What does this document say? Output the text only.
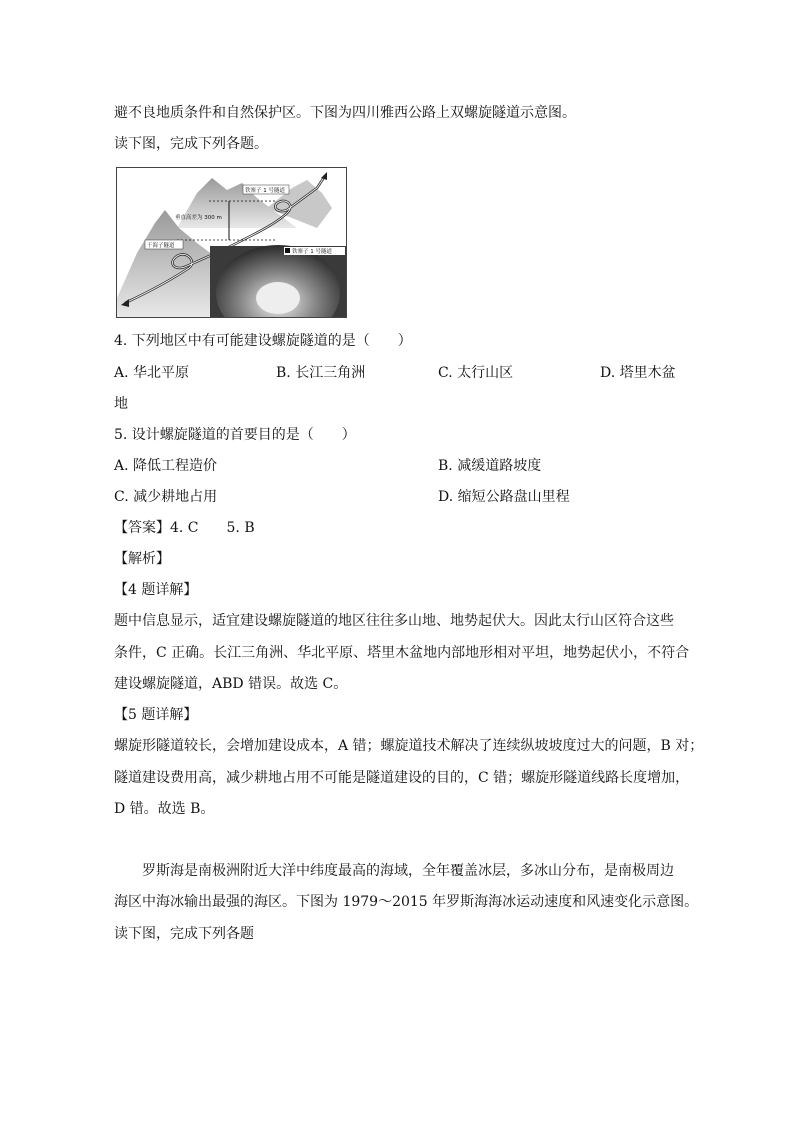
避不良地质条件和自然保护区。下图为四川雅西公路上双螺旋隧道示意图。
读下图，完成下列各题。
铁寨子 1 号隧道
垂直高差为 300 m
干海子隧道
铁寨子 1 号隧道
4. 下列地区中有可能建设螺旋隧道的是（　　）
A. 华北平原	B. 长江三角洲	C. 太行山区	D. 塔里木盆
地
5. 设计螺旋隧道的首要目的是（　　）
A. 降低工程造价	B. 减缓道路坡度
C. 减少耕地占用	D. 缩短公路盘山里程
【答案】4. C　　5. B
【解析】
【4 题详解】
题中信息显示，适宜建设螺旋隧道的地区往往多山地、地势起伏大。因此太行山区符合这些
条件，C 正确。长江三角洲、华北平原、塔里木盆地内部地形相对平坦，地势起伏小，不符合
建设螺旋隧道，ABD 错误。故选 C。
【5 题详解】
螺旋形隧道较长，会增加建设成本，A 错；螺旋道技术解决了连续纵坡坡度过大的问题，B 对；
隧道建设费用高，减少耕地占用不可能是隧道建设的目的，C 错；螺旋形隧道线路长度增加，
D 错。故选 B。
罗斯海是南极洲附近大洋中纬度最高的海域，全年覆盖冰层，多冰山分布，是南极周边
海区中海冰输出最强的海区。下图为 1979～2015 年罗斯海海冰运动速度和风速变化示意图。
读下图，完成下列各题
